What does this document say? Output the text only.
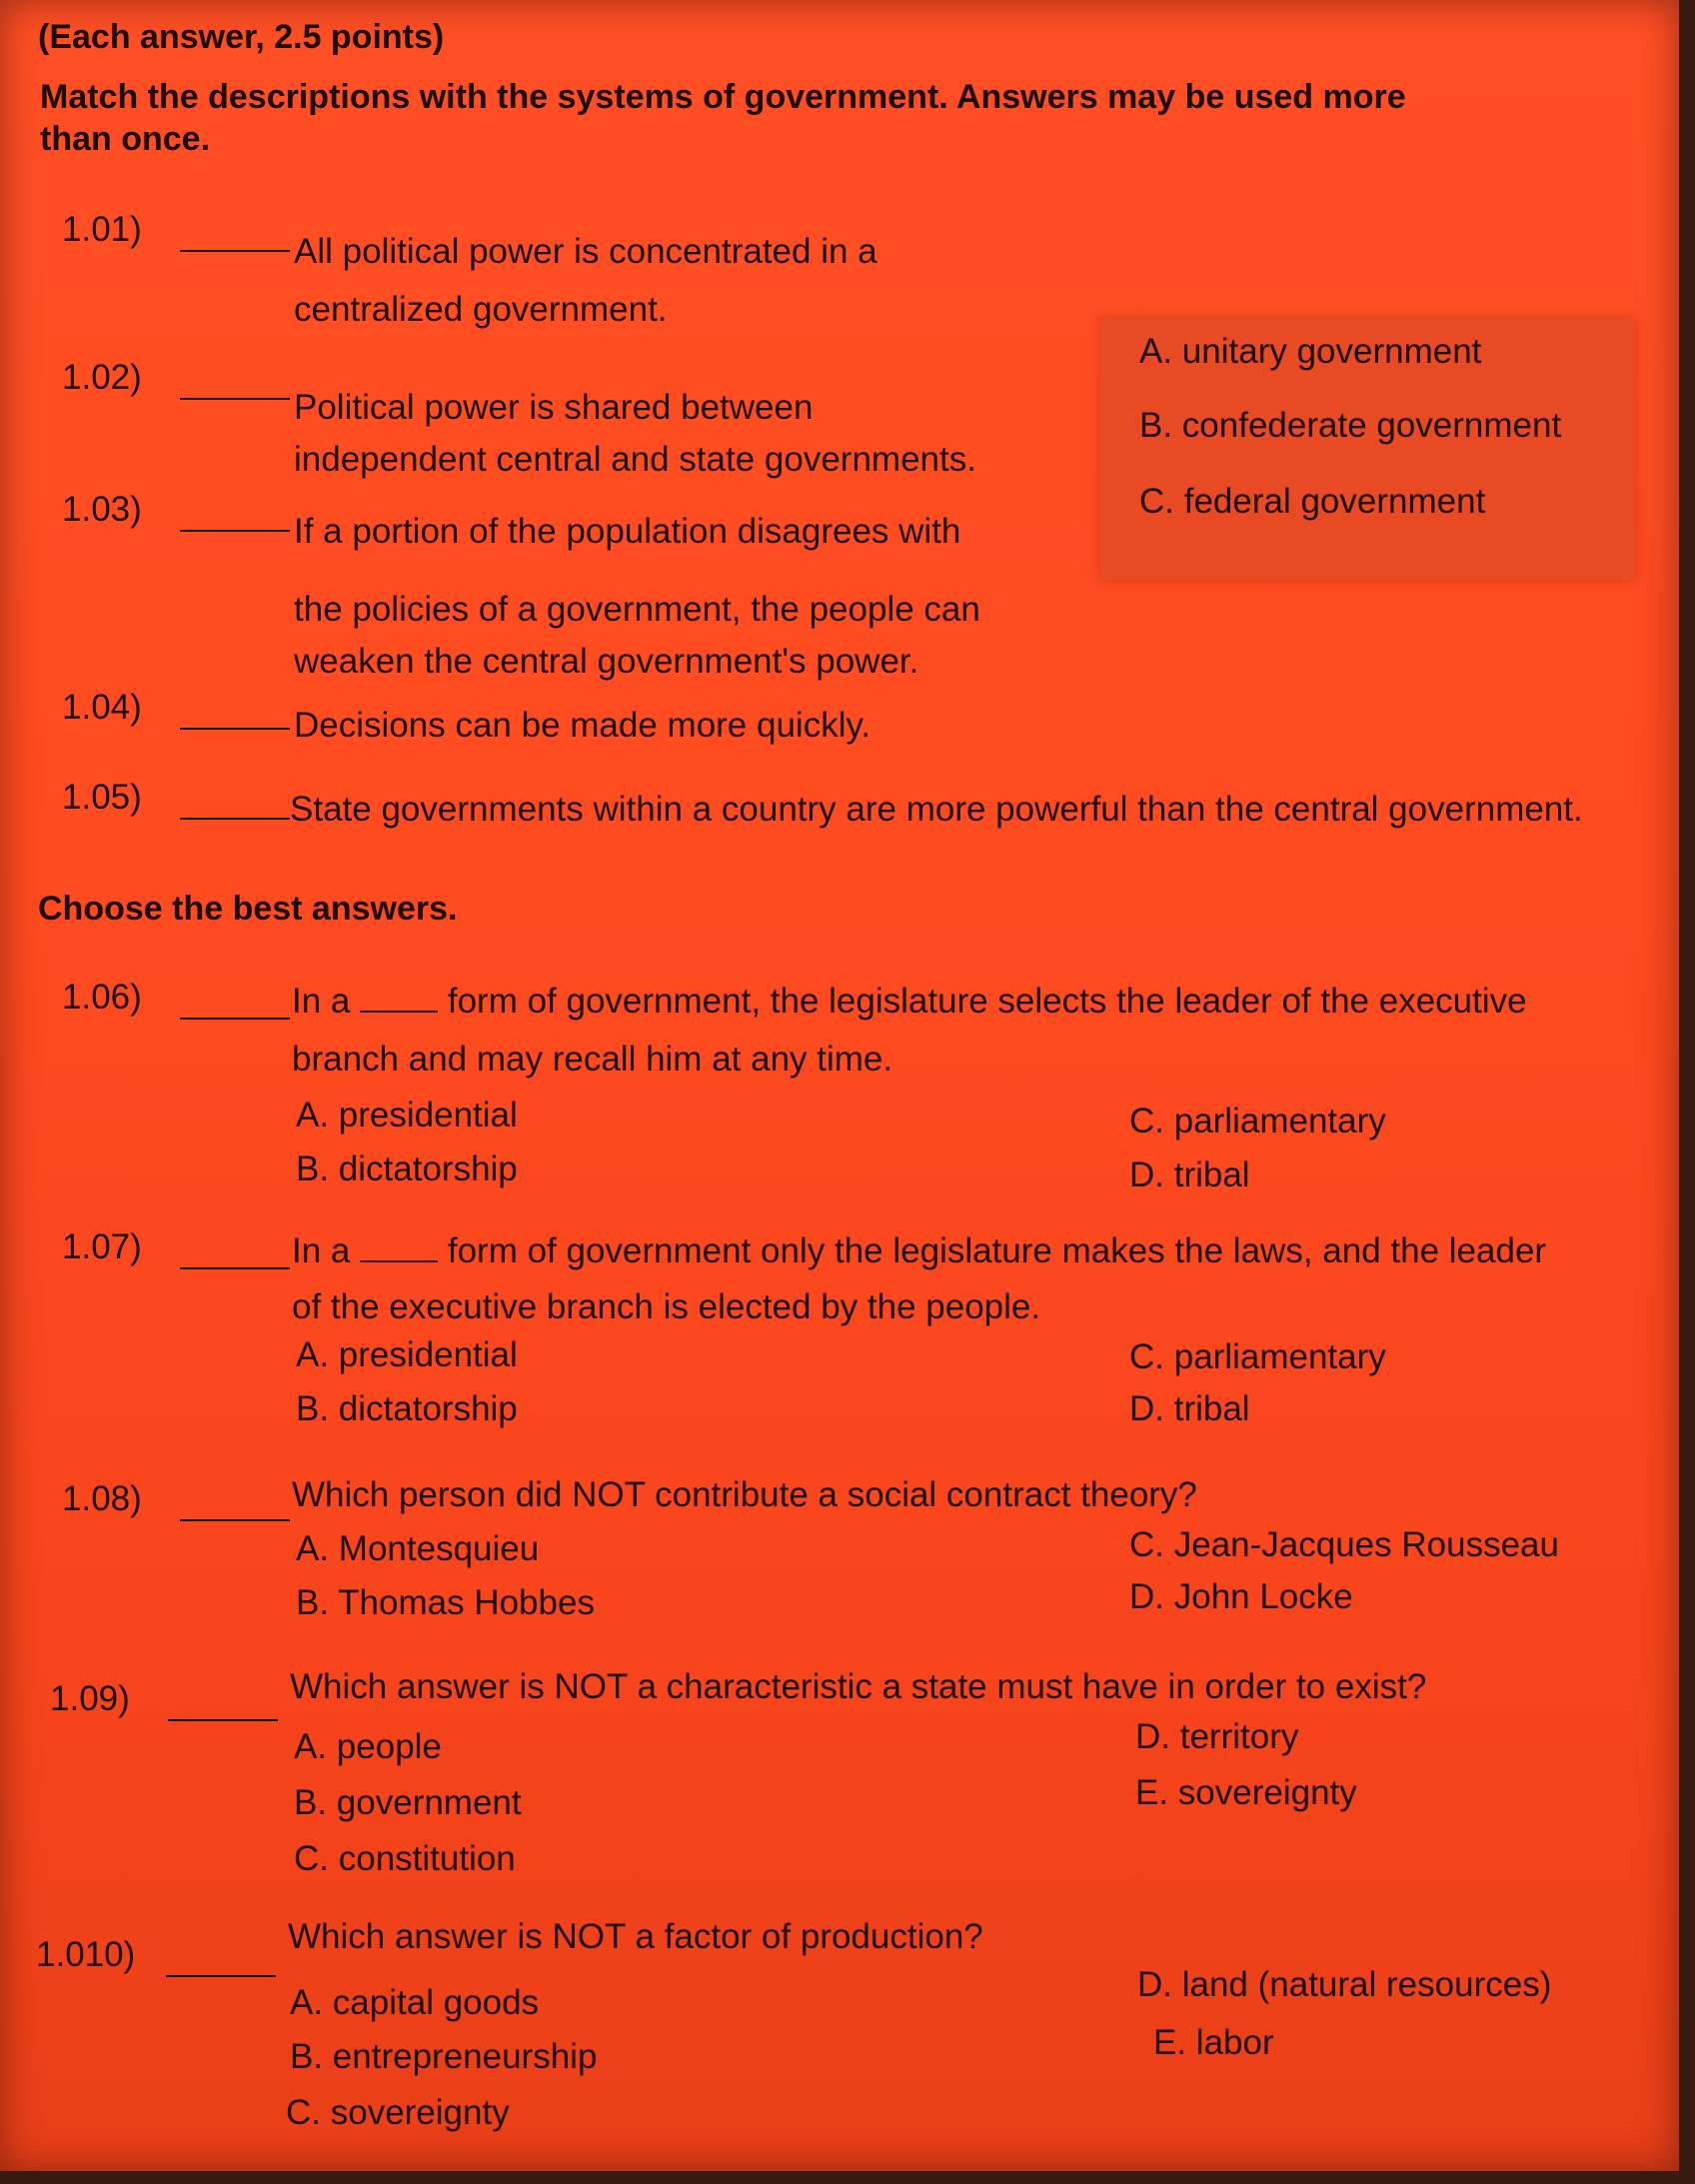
(Each answer, 2.5 points)
Match the descriptions with the systems of government. Answers may be used more
than once.
A. unitary government
B. confederate government
C. federal government
1.01)
All political power is concentrated in a
centralized government.
1.02)
Political power is shared between
independent central and state governments.
1.03)
If a portion of the population disagrees with
the policies of a government, the people can
weaken the central government's power.
1.04)	Decisions can be made more quickly.
1.05)	State governments within a country are more powerful than the central government.
Choose the best answers.
1.06)	In a	form of government, the legislature selects the leader of the executive
branch and may recall him at any time.
A. presidential
B. dictatorship
C. parliamentary
D. tribal
1.07)	In a	form of government only the legislature makes the laws, and the leader
of the executive branch is elected by the people.
A. presidential
B. dictatorship
C. parliamentary
D. tribal
1.08)	Which person did NOT contribute a social contract theory?
A. Montesquieu
B. Thomas Hobbes
C. Jean-Jacques Rousseau
D. John Locke
1.09)	Which answer is NOT a characteristic a state must have in order to exist?
A. people
B. government
C. constitution
D. territory
E. sovereignty
1.010)	Which answer is NOT a factor of production?
A. capital goods
B. entrepreneurship
C. sovereignty
D. land (natural resources)
E. labor
